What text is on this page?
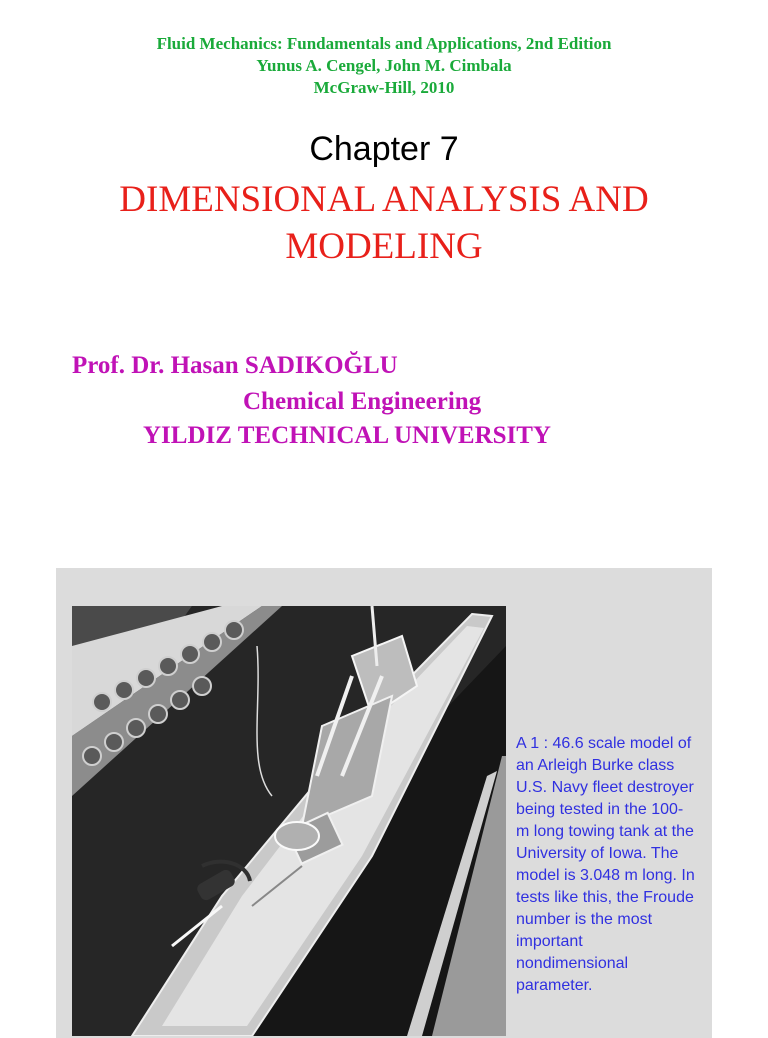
Fluid Mechanics: Fundamentals and Applications, 2nd Edition
Yunus A. Cengel, John M. Cimbala
McGraw-Hill, 2010
Chapter 7
DIMENSIONAL ANALYSIS AND
MODELING
Prof. Dr. Hasan SADIKOĞLU
Chemical Engineering
YILDIZ TECHNICAL UNIVERSITY
A 1 : 46.6 scale model of an Arleigh Burke class U.S. Navy fleet destroyer being tested in the 100-m long towing tank at the University of Iowa. The model is 3.048 m long. In tests like this, the Froude number is the most important nondimensional parameter.
